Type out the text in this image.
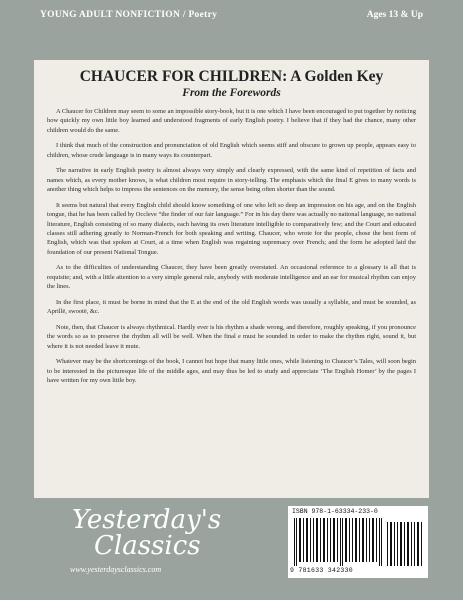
YOUNG ADULT NONFICTION / Poetry	Ages 13 & Up
CHAUCER FOR CHILDREN: A Golden Key
From the Forewords

A Chaucer for Children may seem to some an impossible story-book, but it is one which I have been encouraged to put together by noticing how quickly my own little boy learned and understood fragments of early English poetry. I believe that if they had the chance, many other children would do the same.

I think that much of the construction and pronunciation of old English which seems stiff and obscure to grown up people, appears easy to children, whose crude language is in many ways its counterpart.

The narrative in early English poetry is almost always very simply and clearly expressed, with the same kind of repetition of facts and names which, as every mother knows, is what children most require in story-telling. The emphasis which the final E gives to many words is another thing which helps to impress the sentences on the memory, the sense being often shorter than the sound.

It seems but natural that every English child should know something of one who left so deep an impression on his age, and on the English tongue, that he has been called by Occleve “the finder of our fair language.” For in his day there was actually no national language, no national literature, English consisting of so many dialects, each having its own literature intelligible to comparatively few; and the Court and educated classes still adhering greatly to Norman-French for both speaking and writing. Chaucer, who wrote for the people, chose the best form of English, which was that spoken at Court, at a time when English was regaining supremacy over French; and the form he adopted laid the foundation of our present National Tongue.

As to the difficulties of understanding Chaucer, they have been greatly overstated. An occasional reference to a glossary is all that is requisite; and, with a little attention to a very simple general rule, anybody with moderate intelligence and an ear for musical rhythm can enjoy the lines.

In the first place, it must be borne in mind that the E at the end of the old English words was usually a syllable, and must be sounded, as Aprillë, swootë, &c.

Note, then, that Chaucer is always rhythmical. Hardly ever is his rhythm a shade wrong, and therefore, roughly speaking, if you pronounce the words so as to preserve the rhythm all will be well. When the final e must be sounded in order to make the rhythm right, sound it, but where it is not needed leave it mute.

Whatever may be the shortcomings of the book, I cannot but hope that many little ones, while listening to Chaucer’s Tales, will soon begin to be interested in the picturesque life of the middle ages, and may thus be led to study and appreciate ‘The English Homer’ by the pages I have written for my own little boy.

Yesterday's
Classics
www.yesterdaysclassics.com
ISBN 978-1-63334-233-0
9 781633 342330
